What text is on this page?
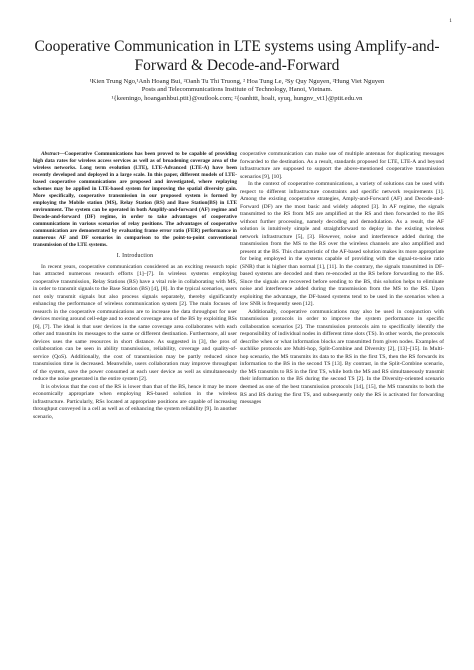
1
Cooperative Communication in LTE systems using Amplify-and-Forward & Decode-and-Forward
¹Kien Trung Ngo,¹Anh Hoang Bui, ²Oanh Tu Thi Truong, ² Hoa Tung Le, ²Sy Quy Nguyen, ²Hung Viet Nguyen
Posts and Telecommunications Institute of Technology, Hanoi, Vietnam.
¹{keeningo, hoanganhbui.ptit}@outlook.com; ²{oanhttt, hoalt, syuq, hungnv_vt1}@ptit.edu.vn

Abstract—Cooperative Communications has been proved to be capable of providing high data rates for wireless access services as well as of broadening coverage area of the wireless networks. Long term evolution (LTE), LTE-Advanced (LTE-A) have been recently developed and deployed in a large scale. In this paper, different models of LTE-based cooperative communications are proposed and investigated, where replaying schemes may be applied in LTE-based system for improving the spatial diversity gain. More specifically, cooperative transmission in our proposed system is formed by employing the Mobile station (MS), Relay Station (RS) and Base Station(BS) in LTE environment. The system can be operated in both Amplify-and-forward (AF) regime and Decode-and-forward (DF) regime, in order to take advantages of cooperative communications in various scenarios of relay positions. The advantages of cooperative communication are demonstrated by evaluating frame error ratio (FER) performance in numerous AF and DF scenarios in comparison to the point-to-point conventional transmission of the LTE systems.

I. Introduction

In recent years, cooperative communication considered as an exciting research topic has attracted numerous research efforts [1]–[7]. In wireless systems employing cooperative transmission, Relay Stations (RS) have a vital role in collaborating with MS, in order to transmit signals to the Base Station (BS) [4], [8]. In the typical scenarios, users not only transmit signals but also process signals separately, thereby significantly enhancing the performance of wireless communication system [2]. The main focuses of research in the cooperative communications are to increase the data throughput for user devices moving around cell-edge and to extend coverage area of the BS by exploiting RSs [6], [7]. The ideal is that user devices in the same coverage area collaborates with each other and transmits its messages to the same or different destination. Furthermore, all user devices uses the same resources in short distance. As suggested in [3], the pros of collaboration can be seen in ability transmission, reliability, coverage and quality-of-service (QoS). Additionally, the cost of transmission may be partly reduced since transmission time is decreased. Meanwhile, users collaboration may improve throughput of the system, save the power consumed at each user device as well as simultaneously reduce the noise generated in the entire system [2].

It is obvious that the cost of the RS is lower than that of the BS, hence it may be more economically appropriate when employing RS-based solution in the wireless infrastructure. Particularly, RSs located at appropriate positions are capable of increasing throughput conveyed in a cell as well as of enhancing the system reliability [9]. In another scenario,

cooperative communication can make use of multiple antennas for duplicating messages forwarded to the destination. As a result, standards proposed for LTE, LTE-A and beyond infrastructure are supposed to support the above-mentioned cooperative transmission scenarios [9], [10].

In the context of cooperative communications, a variety of solutions can be used with respect to different infrastructure constraints and specific network requirements [1]. Among the existing cooperative strategies, Amply-and-Forward (AF) and Decode-and-Forward (DF) are the most basic and widely adopted [3]. In AF regime, the signals transmitted to the RS from MS are amplified at the RS and then forwarded to the BS without further processing, namely decoding and demodulation. As a result, the AF solution is intuitively simple and straightforward to deploy in the existing wireless network infrastructure [5], [3]. However, noise and interference added during the transmission from the MS to the RS over the wireless channels are also amplified and present at the BS. This characteristic of the AF-based solution makes its more appropriate for being employed in the systems capable of providing with the signal-to-noise ratio (SNR) that is higher than normal [1], [11]. In the contrary, the signals transmitted in DF-based systems are decoded and then re-encoded at the RS before forwarding to the BS. Since the signals are recovered before sending to the BS, this solution helps to eliminate noise and interference added during the transmission from the MS to the RS. Upon exploiting the advantage, the DF-based systems tend to be used in the scenarios when a low SNR is frequently seen [12].

Additionally, cooperative communications may also be used in conjunction with transmission protocols in order to improve the system performance in specific collaboration scenarios [2]. The transmission protocols aim to specifically identify the responsibility of individual nodes in different time slots (TS). In other words, the protocols describe when or what information blocks are transmitted from given nodes. Examples of suchlike protocols are Multi-hop, Split-Combine and Diversity [2], [13]–[15]. In Multi-hop scenario, the MS transmits its data to the RS in the first TS, then the RS forwards its information to the BS in the second TS [13]. By contrast, in the Split-Combine scenario, the MS transmits to RS in the first TS, while both the MS and RS simultaneously transmit their information to the BS during the second TS [2]. In the Diversity-oriented scenario deemed as one of the best transmission protocols [14], [15], the MS transmits to both the RS and BS during the first TS, and subsequently only the RS is activated for forwarding messages
